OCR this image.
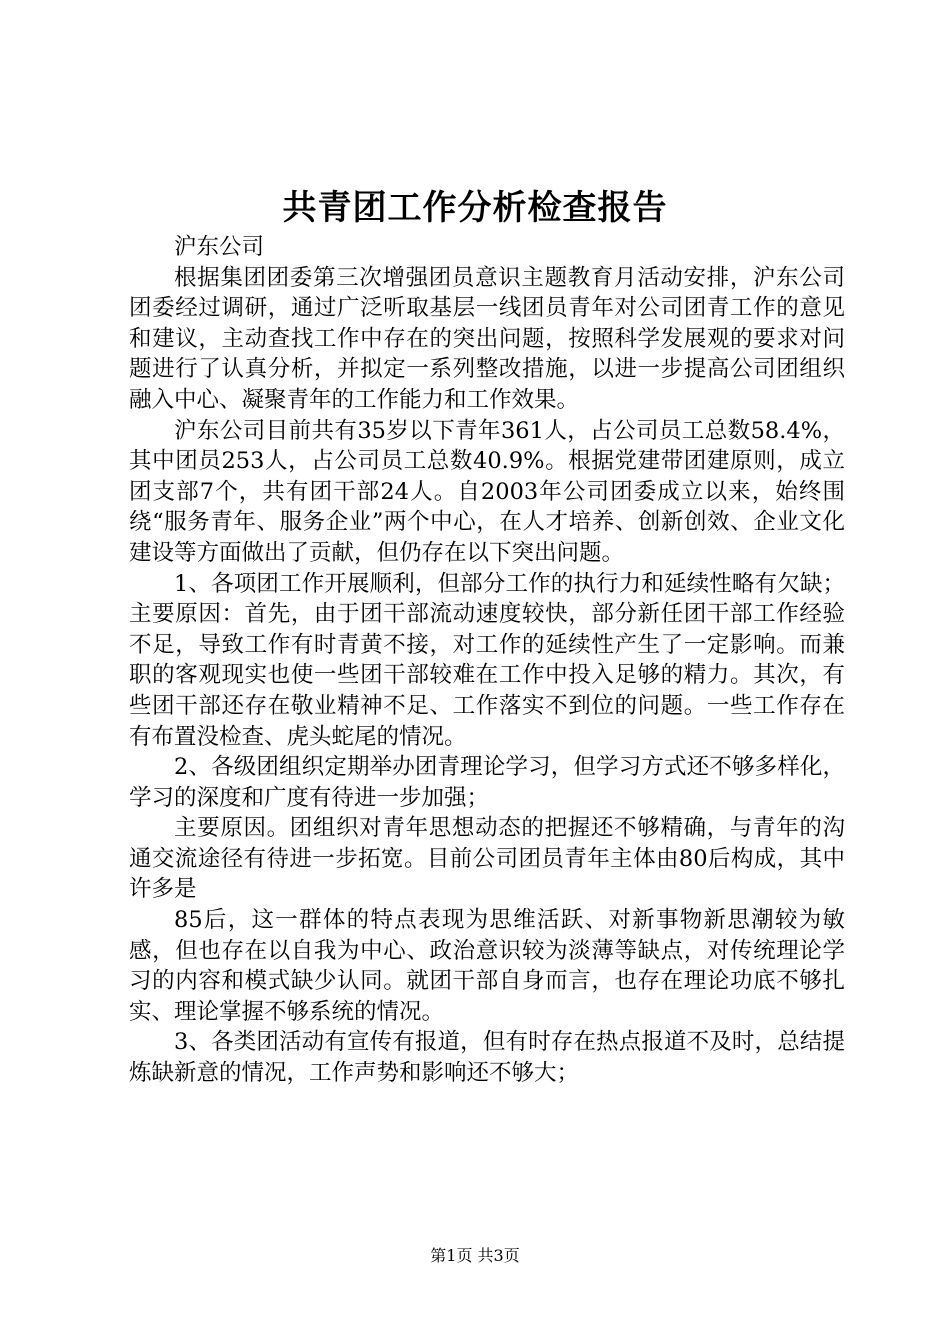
共青团工作分析检查报告

沪东公司

根据集团团委第三次增强团员意识主题教育月活动安排，沪东公司团委经过调研，通过广泛听取基层一线团员青年对公司团青工作的意见和建议，主动查找工作中存在的突出问题，按照科学发展观的要求对问题进行了认真分析，并拟定一系列整改措施，以进一步提高公司团组织融入中心、凝聚青年的工作能力和工作效果。

沪东公司目前共有35岁以下青年361人，占公司员工总数58.4%，其中团员253人，占公司员工总数40.9%。根据党建带团建原则，成立团支部7个，共有团干部24人。自2003年公司团委成立以来，始终围绕“服务青年、服务企业”两个中心，在人才培养、创新创效、企业文化建设等方面做出了贡献，但仍存在以下突出问题。

1、各项团工作开展顺利，但部分工作的执行力和延续性略有欠缺；主要原因：首先，由于团干部流动速度较快，部分新任团干部工作经验不足，导致工作有时青黄不接，对工作的延续性产生了一定影响。而兼职的客观现实也使一些团干部较难在工作中投入足够的精力。其次，有些团干部还存在敬业精神不足、工作落实不到位的问题。一些工作存在有布置没检查、虎头蛇尾的情况。

2、各级团组织定期举办团青理论学习，但学习方式还不够多样化，学习的深度和广度有待进一步加强；

主要原因。团组织对青年思想动态的把握还不够精确，与青年的沟通交流途径有待进一步拓宽。目前公司团员青年主体由80后构成，其中许多是

85后，这一群体的特点表现为思维活跃、对新事物新思潮较为敏感，但也存在以自我为中心、政治意识较为淡薄等缺点，对传统理论学习的内容和模式缺少认同。就团干部自身而言，也存在理论功底不够扎实、理论掌握不够系统的情况。

3、各类团活动有宣传有报道，但有时存在热点报道不及时，总结提炼缺新意的情况，工作声势和影响还不够大；

第1页 共3页
